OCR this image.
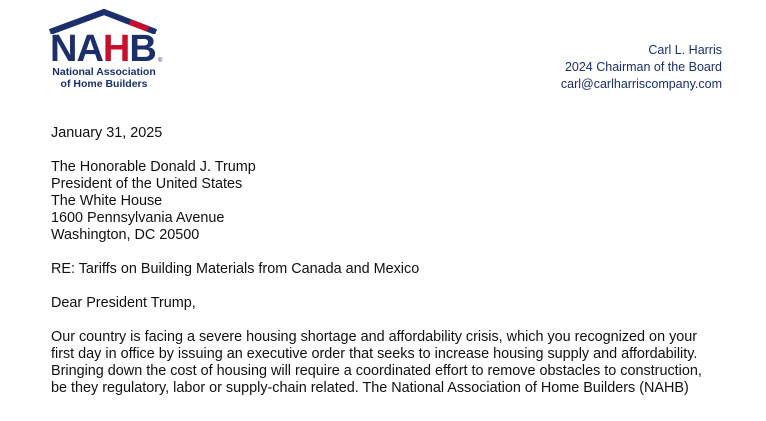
NAHB ®
National Association
of Home Builders
Carl L. Harris
2024 Chairman of the Board
carl@carlharriscompany.com

January 31, 2025

The Honorable Donald J. Trump

President of the United States

The White House

1600 Pennsylvania Avenue

Washington, DC 20500

RE: Tariffs on Building Materials from Canada and Mexico

Dear President Trump,

Our country is facing a severe housing shortage and affordability crisis, which you recognized on your

first day in office by issuing an executive order that seeks to increase housing supply and affordability.

Bringing down the cost of housing will require a coordinated effort to remove obstacles to construction,

be they regulatory, labor or supply-chain related. The National Association of Home Builders (NAHB)
